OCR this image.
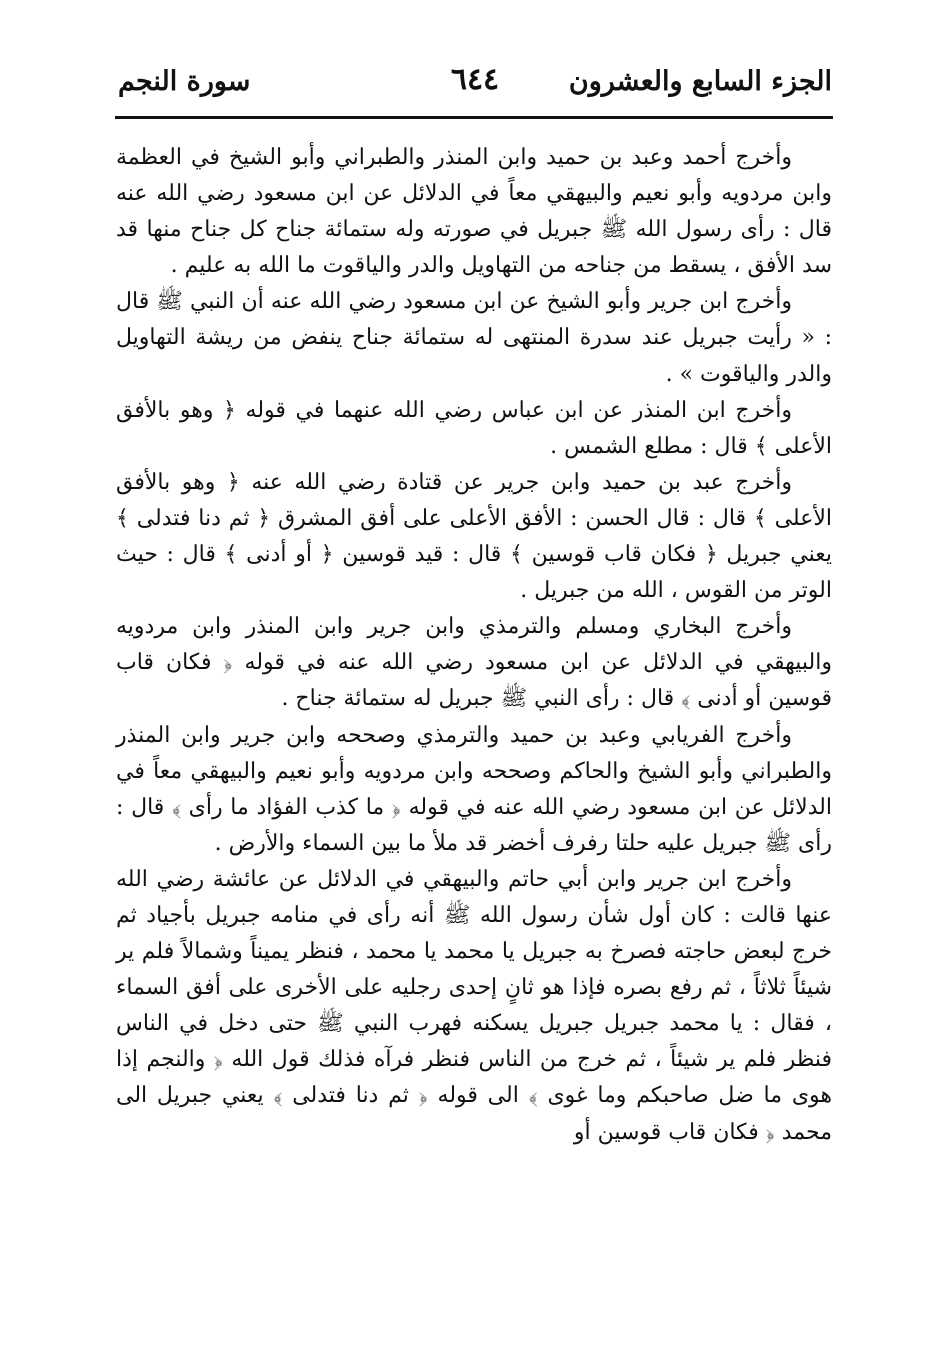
الجزء السابع والعشرون
٦٤٤
سورة النجم

وأخرج أحمد وعبد بن حميد وابن المنذر والطبراني وأبو الشيخ في العظمة وابن مردويه وأبو نعيم والبيهقي معاً في الدلائل عن ابن مسعود رضي الله عنه قال : رأى رسول الله ﷺ جبريل في صورته وله ستمائة جناح كل جناح منها قد سد الأفق ، يسقط من جناحه من التهاويل والدر والياقوت ما الله به عليم .

وأخرج ابن جرير وأبو الشيخ عن ابن مسعود رضي الله عنه أن النبي ﷺ قال : « رأيت جبريل عند سدرة المنتهى له ستمائة جناح ينفض من ريشة التهاويل والدر والياقوت » .

وأخرج ابن المنذر عن ابن عباس رضي الله عنهما في قوله ﴿ وهو بالأفق الأعلى ﴾ قال : مطلع الشمس .

وأخرج عبد بن حميد وابن جرير عن قتادة رضي الله عنه ﴿ وهو بالأفق الأعلى ﴾ قال : قال الحسن : الأفق الأعلى على أفق المشرق ﴿ ثم دنا فتدلى ﴾ يعني جبريل ﴿ فكان قاب قوسين ﴾ قال : قيد قوسين ﴿ أو أدنى ﴾ قال : حيث الوتر من القوس ، الله من جبريل .

وأخرج البخاري ومسلم والترمذي وابن جرير وابن المنذر وابن مردويه والبيهقي في الدلائل عن ابن مسعود رضي الله عنه في قوله ﴿ فكان قاب قوسين أو أدنى ﴾ قال : رأى النبي ﷺ جبريل له ستمائة جناح .

وأخرج الفريابي وعبد بن حميد والترمذي وصححه وابن جرير وابن المنذر والطبراني وأبو الشيخ والحاكم وصححه وابن مردويه وأبو نعيم والبيهقي معاً في الدلائل عن ابن مسعود رضي الله عنه في قوله ﴿ ما كذب الفؤاد ما رأى ﴾ قال : رأى ﷺ جبريل عليه حلتا رفرف أخضر قد ملأ ما بين السماء والأرض .

وأخرج ابن جرير وابن أبي حاتم والبيهقي في الدلائل عن عائشة رضي الله عنها قالت : كان أول شأن رسول الله ﷺ أنه رأى في منامه جبريل بأجياد ثم خرج لبعض حاجته فصرخ به جبريل يا محمد يا محمد ، فنظر يميناً وشمالاً فلم ير شيئاً ثلاثاً ، ثم رفع بصره فإذا هو ثانٍ إحدى رجليه على الأخرى على أفق السماء ، فقال : يا محمد جبريل جبريل يسكنه فهرب النبي ﷺ حتى دخل في الناس فنظر فلم ير شيئاً ، ثم خرج من الناس فنظر فرآه فذلك قول الله ﴿ والنجم إذا هوى ما ضل صاحبكم وما غوى ﴾ الى قوله ﴿ ثم دنا فتدلى ﴾ يعني جبريل الى محمد ﴿ فكان قاب قوسين أو
